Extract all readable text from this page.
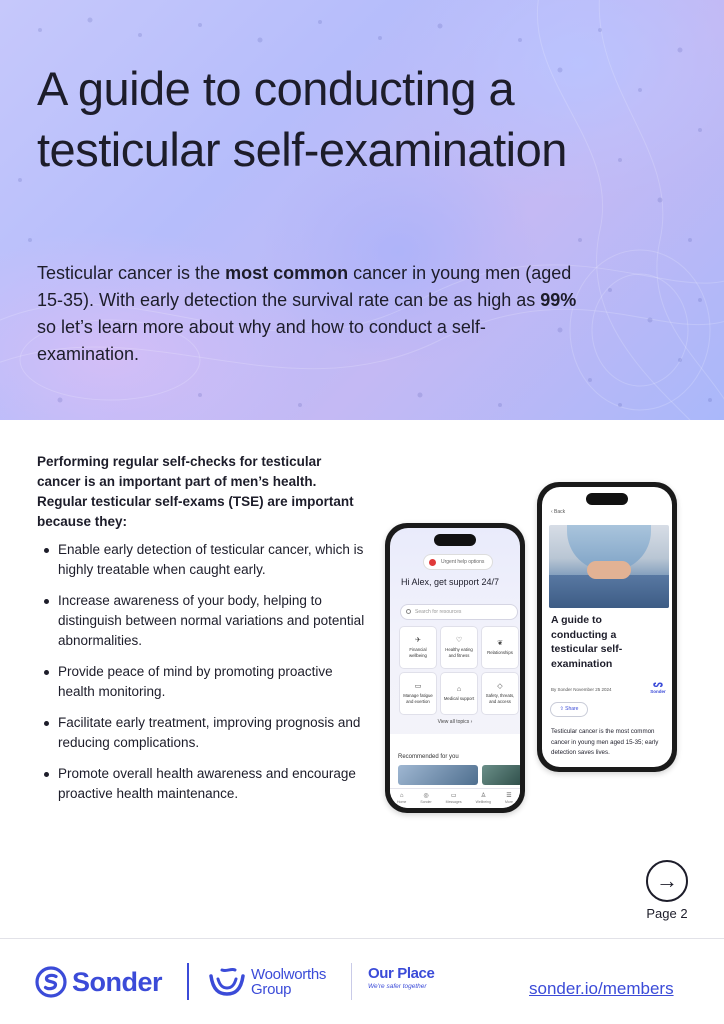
A guide to conducting a testicular self-examination

Testicular cancer is the most common cancer in young men (aged 15-35). With early detection the survival rate can be as high as 99% so let’s learn more about why and how to conduct a self-examination.

Performing regular self-checks for testicular cancer is an important part of men’s health. Regular testicular self-exams (TSE) are important because they:

Enable early detection of testicular cancer, which is highly treatable when caught early.
Increase awareness of your body, helping to distinguish between normal variations and potential abnormalities.
Provide peace of mind by promoting proactive health monitoring.
Facilitate early treatment, improving prognosis and reducing complications.
Promote overall health awareness and encourage proactive health maintenance.
Urgent help options
Hi Alex, get support 24/7
Search for resources
✈
Financial wellbeing
♡
Healthy eating and fitness
❦
Relationships
▭
Manage fatigue and exertion
⌂
Medical support
◇
Safety, threats, and access
View all topics ›
Recommended for you
⌂
Home
◎
Sonder
▭
Messages
♙
Wellbeing
☰
More
‹ Back
A guide to conducting a testicular self-examination
ᔕ
Sonder
By Sonder November 25 2024
⇧ Share
Testicular cancer is the most common cancer in young men aged 15-35; early detection saves lives.
→
Page 2
Sonder	Woolworths
Group
Our Place
We're safer together	sonder.io/members
